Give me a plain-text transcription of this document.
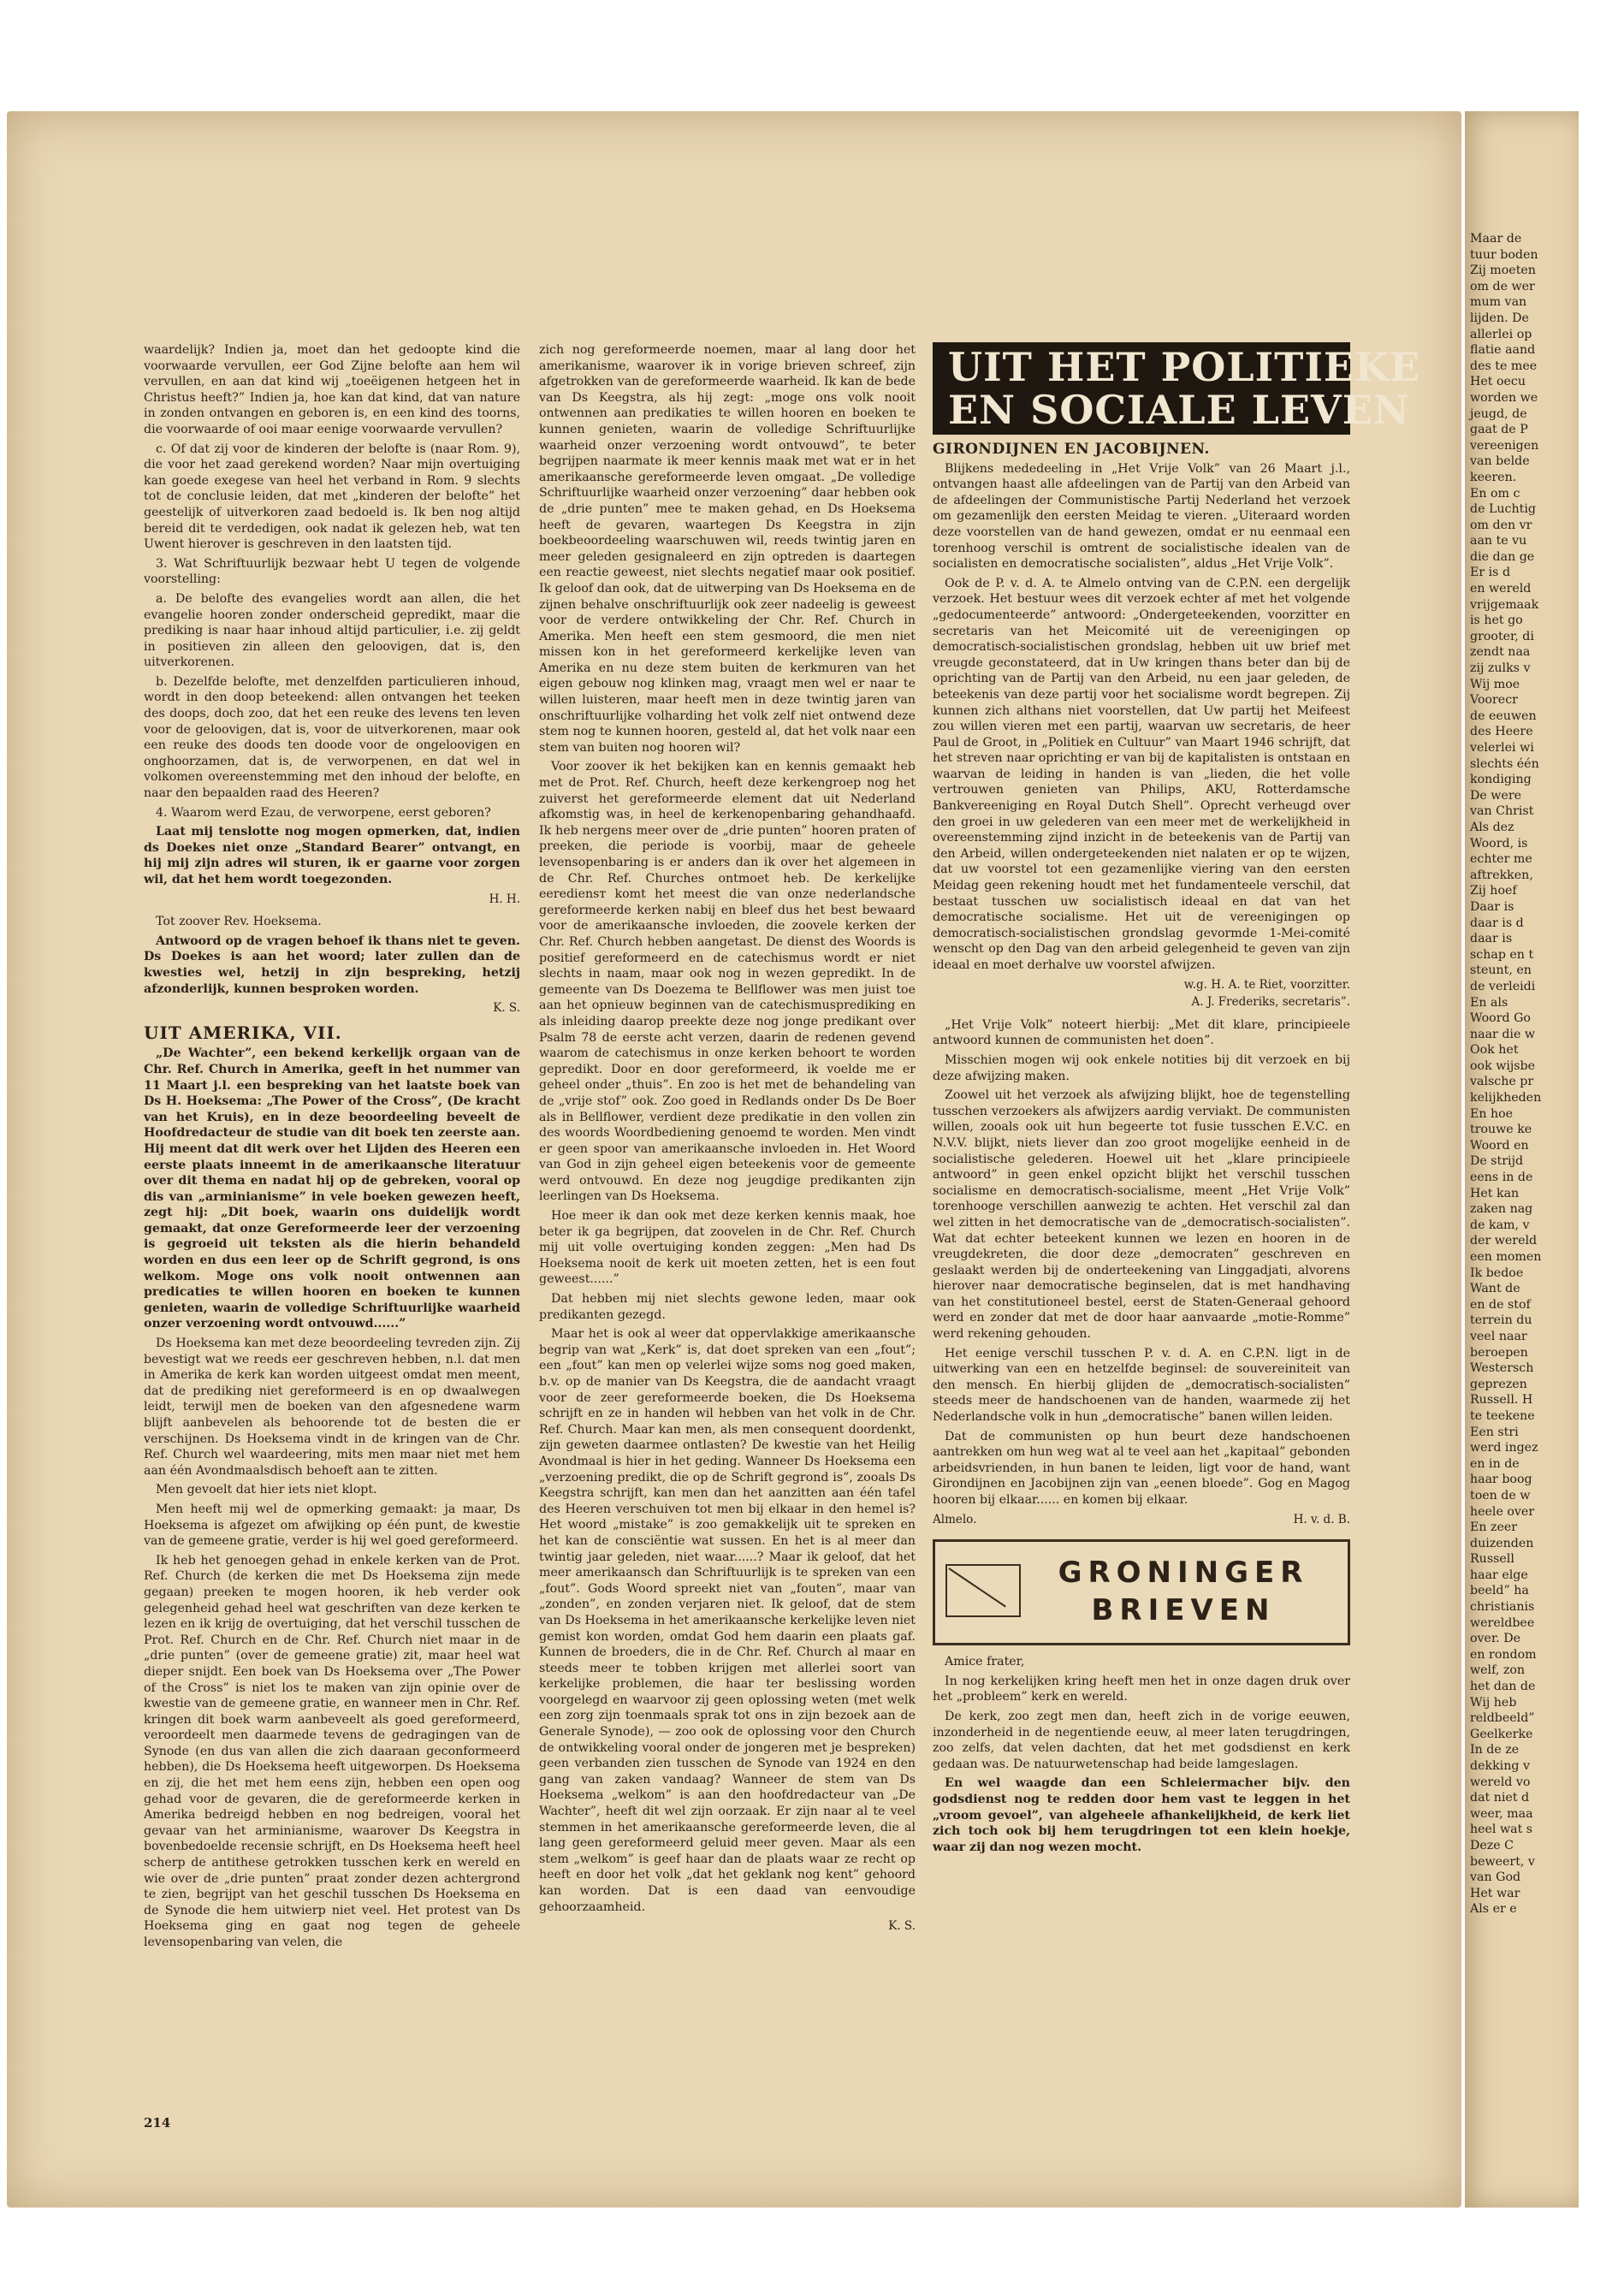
waardelijk? Indien ja, moet dan het gedoopte kind die voorwaarde vervullen, eer God Zijne belofte aan hem wil vervullen, en aan dat kind wij „toeëigenen hetgeen het in Christus heeft?” Indien ja, hoe kan dat kind, dat van nature in zonden ontvangen en geboren is, en een kind des toorns, die voorwaarde of ooi maar eenige voorwaarde vervullen?

c. Of dat zij voor de kinderen der belofte is (naar Rom. 9), die voor het zaad gerekend worden? Naar mijn overtuiging kan goede exegese van heel het verband in Rom. 9 slechts tot de conclusie leiden, dat met „kinderen der belofte” het geestelijk of uitverkoren zaad bedoeld is. Ik ben nog altijd bereid dit te verdedigen, ook nadat ik gelezen heb, wat ten Uwent hierover is geschreven in den laatsten tijd.

3. Wat Schriftuurlijk bezwaar hebt U tegen de volgende voorstelling:

a. De belofte des evangelies wordt aan allen, die het evangelie hooren zonder onderscheid gepredikt, maar die prediking is naar haar inhoud altijd particulier, i.e. zij geldt in positieven zin alleen den geloovigen, dat is, den uitverkorenen.

b. Dezelfde belofte, met denzelfden particulieren inhoud, wordt in den doop beteekend: allen ontvangen het teeken des doops, doch zoo, dat het een reuke des levens ten leven voor de geloovigen, dat is, voor de uitverkorenen, maar ook een reuke des doods ten doode voor de ongeloovigen en onghoorzamen, dat is, de verworpenen, en dat wel in volkomen overeenstemming met den inhoud der belofte, en naar den bepaalden raad des Heeren?

4. Waarom werd Ezau, de verworpene, eerst geboren?

Laat mij tenslotte nog mogen opmerken, dat, indien ds Doekes niet onze „Standard Bearer” ontvangt, en hij mij zijn adres wil sturen, ik er gaarne voor zorgen wil, dat het hem wordt toegezonden.

H. H.

Tot zoover Rev. Hoeksema.

Antwoord op de vragen behoef ik thans niet te geven. Ds Doekes is aan het woord; later zullen dan de kwesties wel, hetzij in zijn bespreking, hetzij afzonderlijk, kunnen besproken worden.

K. S.
UIT AMERIKA, VII.

„De Wachter”, een bekend kerkelijk orgaan van de Chr. Ref. Church in Amerika, geeft in het nummer van 11 Maart j.l. een bespreking van het laatste boek van Ds H. Hoeksema: „The Power of the Cross”, (De kracht van het Kruis), en in deze beoordeeling beveelt de Hoofdredacteur de studie van dit boek ten zeerste aan. Hij meent dat dit werk over het Lijden des Heeren een eerste plaats inneemt in de amerikaansche literatuur over dit thema en nadat hij op de gebreken, vooral op dis van „arminianisme” in vele boeken gewezen heeft, zegt hij: „Dit boek, waarin ons duidelijk wordt gemaakt, dat onze Gereformeerde leer der verzoening is gegroeid uit teksten als die hierin behandeld worden en dus een leer op de Schrift gegrond, is ons welkom. Moge ons volk nooit ontwennen aan predicaties te willen hooren en boeken te kunnen genieten, waarin de volledige Schriftuurlijke waarheid onzer verzoening wordt ontvouwd......”

Ds Hoeksema kan met deze beoordeeling tevreden zijn. Zij bevestigt wat we reeds eer geschreven hebben, n.l. dat men in Amerika de kerk kan worden uitgeest omdat men meent, dat de prediking niet gereformeerd is en op dwaalwegen leidt, terwijl men de boeken van den afgesnedene warm blijft aanbevelen als behoorende tot de besten die er verschijnen. Ds Hoeksema vindt in de kringen van de Chr. Ref. Church wel waardeering, mits men maar niet met hem aan één Avondmaalsdisch behoeft aan te zitten.

Men gevoelt dat hier iets niet klopt.

Men heeft mij wel de opmerking gemaakt: ja maar, Ds Hoeksema is afgezet om afwijking op één punt, de kwestie van de gemeene gratie, verder is hij wel goed gereformeerd.

Ik heb het genoegen gehad in enkele kerken van de Prot. Ref. Church (de kerken die met Ds Hoeksema zijn mede gegaan) preeken te mogen hooren, ik heb verder ook gelegenheid gehad heel wat geschriften van deze kerken te lezen en ik krijg de overtuiging, dat het verschil tusschen de Prot. Ref. Church en de Chr. Ref. Church niet maar in de „drie punten” (over de gemeene gratie) zit, maar heel wat dieper snijdt. Een boek van Ds Hoeksema over „The Power of the Cross” is niet los te maken van zijn opinie over de kwestie van de gemeene gratie, en wanneer men in Chr. Ref. kringen dit boek warm aanbeveelt als goed gereformeerd, veroordeelt men daarmede tevens de gedragingen van de Synode (en dus van allen die zich daaraan geconformeerd hebben), die Ds Hoeksema heeft uitgeworpen. Ds Hoeksema en zij, die het met hem eens zijn, hebben een open oog gehad voor de gevaren, die de gereformeerde kerken in Amerika bedreigd hebben en nog bedreigen, vooral het gevaar van het arminianisme, waarover Ds Keegstra in bovenbedoelde recensie schrijft, en Ds Hoeksema heeft heel scherp de antithese getrokken tusschen kerk en wereld en wie over de „drie punten” praat zonder dezen achtergrond te zien, begrijpt van het geschil tusschen Ds Hoeksema en de Synode die hem uitwierp niet veel. Het protest van Ds Hoeksema ging en gaat nog tegen de geheele levensopenbaring van velen, die

zich nog gereformeerde noemen, maar al lang door het amerikanisme, waarover ik in vorige brieven schreef, zijn afgetrokken van de gereformeerde waarheid. Ik kan de bede van Ds Keegstra, als hij zegt: „moge ons volk nooit ontwennen aan predikaties te willen hooren en boeken te kunnen genieten, waarin de volledige Schriftuurlijke waarheid onzer verzoening wordt ontvouwd”, te beter begrijpen naarmate ik meer kennis maak met wat er in het amerikaansche gereformeerde leven omgaat. „De volledige Schriftuurlijke waarheid onzer verzoening” daar hebben ook de „drie punten” mee te maken gehad, en Ds Hoeksema heeft de gevaren, waartegen Ds Keegstra in zijn boekbeoordeeling waarschuwen wil, reeds twintig jaren en meer geleden gesignaleerd en zijn optreden is daartegen een reactie geweest, niet slechts negatief maar ook positief. Ik geloof dan ook, dat de uitwerping van Ds Hoeksema en de zijnen behalve onschriftuurlijk ook zeer nadeelig is geweest voor de verdere ontwikkeling der Chr. Ref. Church in Amerika. Men heeft een stem gesmoord, die men niet missen kon in het gereformeerd kerkelijke leven van Amerika en nu deze stem buiten de kerkmuren van het eigen gebouw nog klinken mag, vraagt men wel er naar te willen luisteren, maar heeft men in deze twintig jaren van onschriftuurlijke volharding het volk zelf niet ontwend deze stem nog te kunnen hooren, gesteld al, dat het volk naar een stem van buiten nog hooren wil?

Voor zoover ik het bekijken kan en kennis gemaakt heb met de Prot. Ref. Church, heeft deze kerkengroep nog het zuiverst het gereformeerde element dat uit Nederland afkomstig was, in heel de kerkenopenbaring gehandhaafd. Ik heb nergens meer over de „drie punten” hooren praten of preeken, die periode is voorbij, maar de geheele levensopenbaring is er anders dan ik over het algemeen in de Chr. Ref. Churches ontmoet heb. De kerkelijke eerediensт komt het meest die van onze nederlandsche gereformeerde kerken nabij en bleef dus het best bewaard voor de amerikaansche invloeden, die zoovele kerken der Chr. Ref. Church hebben aangetast. De dienst des Woords is positief gereformeerd en de catechismus wordt er niet slechts in naam, maar ook nog in wezen gepredikt. In de gemeente van Ds Doezema te Bellflower was men juist toe aan het opnieuw beginnen van de catechismusprediking en als inleiding daarop preekte deze nog jonge predikant over Psalm 78 de eerste acht verzen, daarin de redenen gevend waarom de catechismus in onze kerken behoort te worden gepredikt. Door en door gereformeerd, ik voelde me er geheel onder „thuis”. En zoo is het met de behandeling van de „vrije stof” ook. Zoo goed in Redlands onder Ds De Boer als in Bellflower, verdient deze predikatie in den vollen zin des woords Woordbediening genoemd te worden. Men vindt er geen spoor van amerikaansche invloeden in. Het Woord van God in zijn geheel eigen beteekenis voor de gemeente werd ontvouwd. En deze nog jeugdige predikanten zijn leerlingen van Ds Hoeksema.

Hoe meer ik dan ook met deze kerken kennis maak, hoe beter ik ga begrijpen, dat zoovelen in de Chr. Ref. Church mij uit volle overtuiging konden zeggen: „Men had Ds Hoeksema nooit de kerk uit moeten zetten, het is een fout geweest......”

Dat hebben mij niet slechts gewone leden, maar ook predikanten gezegd.

Maar het is ook al weer dat oppervlakkige amerikaansche begrip van wat „Kerk” is, dat doet spreken van een „fout”; een „fout” kan men op velerlei wijze soms nog goed maken, b.v. op de manier van Ds Keegstra, die de aandacht vraagt voor de zeer gereformeerde boeken, die Ds Hoeksema schrijft en ze in handen wil hebben van het volk in de Chr. Ref. Church. Maar kan men, als men consequent doordenkt, zijn geweten daarmee ontlasten? De kwestie van het Heilig Avondmaal is hier in het geding. Wanneer Ds Hoeksema een „verzoening predikt, die op de Schrift gegrond is”, zooals Ds Keegstra schrijft, kan men dan het aanzitten aan één tafel des Heeren verschuiven tot men bij elkaar in den hemel is? Het woord „mistake” is zoo gemakkelijk uit te spreken en het kan de consciëntie wat sussen. En het is al meer dan twintig jaar geleden, niet waar......? Maar ik geloof, dat het meer amerikaansch dan Schriftuurlijk is te spreken van een „fout”. Gods Woord spreekt niet van „fouten”, maar van „zonden”, en zonden verjaren niet. Ik geloof, dat de stem van Ds Hoeksema in het amerikaansche kerkelijke leven niet gemist kon worden, omdat God hem daarin een plaats gaf. Kunnen de broeders, die in de Chr. Ref. Church al maar en steeds meer te tobben krijgen met allerlei soort van kerkelijke problemen, die haar ter beslissing worden voorgelegd en waarvoor zij geen oplossing weten (met welk een zorg zijn toenmaals sprak tot ons in zijn bezoek aan de Generale Synode), — zoo ook de oplossing voor den Church de ontwikkeling vooral onder de jongeren met je bespreken) geen verbanden zien tusschen de Synode van 1924 en den gang van zaken vandaag? Wanneer de stem van Ds Hoeksema „welkom” is aan den hoofdredacteur van „De Wachter”, heeft dit wel zijn oorzaak. Er zijn naar al te veel stemmen in het amerikaansche gereformeerde leven, die al lang geen gereformeerd geluid meer geven. Maar als een stem „welkom” is geef haar dan de plaats waar ze recht op heeft en door het volk „dat het geklank nog kent” gehoord kan worden. Dat is een daad van eenvoudige gehoorzaamheid.

K. S.
UIT HET POLITIEKE
EN SOCIALE LEVEN
GIRONDIJNEN EN JACOBIJNEN.

Blijkens mededeeling in „Het Vrije Volk” van 26 Maart j.l., ontvangen haast alle afdeelingen van de Partij van den Arbeid van de afdeelingen der Communistische Partij Nederland het verzoek om gezamenlijk den eersten Meidag te vieren. „Uiteraard worden deze voorstellen van de hand gewezen, omdat er nu eenmaal een torenhoog verschil is omtrent de socialistische idealen van de socialisten en democratische socialisten”, aldus „Het Vrije Volk”.

Ook de P. v. d. A. te Almelo ontving van de C.P.N. een dergelijk verzoek. Het bestuur wees dit verzoek echter af met het volgende „gedocumenteerde” antwoord: „Ondergeteekenden, voorzitter en secretaris van het Meicomité uit de vereenigingen op democratisch-socialistischen grondslag, hebben uit uw brief met vreugde geconstateerd, dat in Uw kringen thans beter dan bij de oprichting van de Partij van den Arbeid, nu een jaar geleden, de beteekenis van deze partij voor het socialisme wordt begrepen. Zij kunnen zich althans niet voorstellen, dat Uw partij het Meifeest zou willen vieren met een partij, waarvan uw secretaris, de heer Paul de Groot, in „Politiek en Cultuur” van Maart 1946 schrijft, dat het streven naar oprichting er van bij de kapitalisten is ontstaan en waarvan de leiding in handen is van „lieden, die het volle vertrouwen genieten van Philips, AKU, Rotterdamsche Bankvereeniging en Royal Dutch Shell”. Oprecht verheugd over den groei in uw gelederen van een meer met de werkelijkheid in overeenstemming zijnd inzicht in de beteekenis van de Partij van den Arbeid, willen ondergeteekenden niet nalaten er op te wijzen, dat uw voorstel tot een gezamenlijke viering van den eersten Meidag geen rekening houdt met het fundamenteele verschil, dat bestaat tusschen uw socialistisch ideaal en dat van het democratische socialisme. Het uit de vereenigingen op democratisch-socialistischen grondslag gevormde 1-Mei-comité wenscht op den Dag van den arbeid gelegenheid te geven van zijn ideaal en moet derhalve uw voorstel afwijzen.

w.g. H. A. te Riet, voorzitter.
A. J. Frederiks, secretaris”.

„Het Vrije Volk” noteert hierbij: „Met dit klare, principieele antwoord kunnen de communisten het doen”.

Misschien mogen wij ook enkele notities bij dit verzoek en bij deze afwijzing maken.

Zoowel uit het verzoek als afwijzing blijkt, hoe de tegenstelling tusschen verzoekers als afwijzers aardig verviakt. De communisten willen, zooals ook uit hun begeerte tot fusie tusschen E.V.C. en N.V.V. blijkt, niets liever dan zoo groot mogelijke eenheid in de socialistische gelederen. Hoewel uit het „klare principieele antwoord” in geen enkel opzicht blijkt het verschil tusschen socialisme en democratisch-socialisme, meent „Het Vrije Volk” torenhooge verschillen aanwezig te achten. Het verschil zal dan wel zitten in het democratische van de „democratisch-socialisten”. Wat dat echter beteekent kunnen we lezen en hooren in de vreugdekreten, die door deze „democraten” geschreven en geslaakt werden bij de onderteekening van Linggadjati, alvorens hierover naar democratische beginselen, dat is met handhaving van het constitutioneel bestel, eerst de Staten-Generaal gehoord werd en zonder dat met de door haar aanvaarde „motie-Romme” werd rekening gehouden.

Het eenige verschil tusschen P. v. d. A. en C.P.N. ligt in de uitwerking van een en hetzelfde beginsel: de souvereiniteit van den mensch. En hierbij glijden de „democratisch-socialisten” steeds meer de handschoenen van de handen, waarmede zij het Nederlandsche volk in hun „democratische” banen willen leiden.

Dat de communisten op hun beurt deze handschoenen aantrekken om hun weg wat al te veel aan het „kapitaal” gebonden arbeidsvrienden, in hun banen te leiden, ligt voor de hand, want Girondijnen en Jacobijnen zijn van „eenen bloede”. Gog en Magog hooren bij elkaar...... en komen bij elkaar.

Almelo.	H. v. d. B.
GRONINGER
BRIEVEN

Amice frater,

In nog kerkelijken kring heeft men het in onze dagen druk over het „probleem” kerk en wereld.

De kerk, zoo zegt men dan, heeft zich in de vorige eeuwen, inzonderheid in de negentiende eeuw, al meer laten terugdringen, zoo zelfs, dat velen dachten, dat het met godsdienst en kerk gedaan was. De natuurwetenschap had beide lamgeslagen.

En wel waagde dan een Schleiermacher bijv. den godsdienst nog te redden door hem vast te leggen in het „vroom gevoel”, van algeheele afhankelijkheid, de kerk liet zich toch ook bij hem terugdringen tot een klein hoekje, waar zij dan nog wezen mocht.

214
Maar de
tuur boden
Zij moeten
om de wer
mum van
lijden. De
allerlei op
flatie aand
des te mee
Het oecu
worden we
jeugd, de
gaat de P
vereenigen
van belde
keeren.
En om c
de Luchtig
om den vr
aan te vu
die dan ge
Er is d
en wereld
vrijgemaak
is het go
grooter, di
zendt naa
zij zulks v
Wij moe
Voorecr
de eeuwen
des Heere
velerlei wi
slechts één
kondiging
De were
van Christ
Als dez
Woord, is
echter me
aftrekken,
Zij hoef
Daar is
daar is d
daar is
schap en t
steunt, en
de verleidi
En als
Woord Go
naar die w
Ook het
ook wijsbe
valsche pr
kelijkheden
En hoe
trouwe ke
Woord en
De strijd
eens in de
Het kan
zaken nag
de kam, v
der wereld
een momen
Ik bedoe
Want de
en de stof
terrein du
veel naar
beroepen
Westersch
geprezen
Russell. H
te teekene
Een stri
werd ingez
en in de
haar boog
toen de w
heele over
En zeer
duizenden
Russell
haar elge
beeld” ha
christianis
wereldbee
over. De
en rondom
welf, zon
het dan de
Wij heb
reldbeeld”
Geelkerke
In de ze
dekking v
wereld vo
dat niet d
weer, maa
heel wat s
Deze C
beweert, v
van God
Het war
Als er e
